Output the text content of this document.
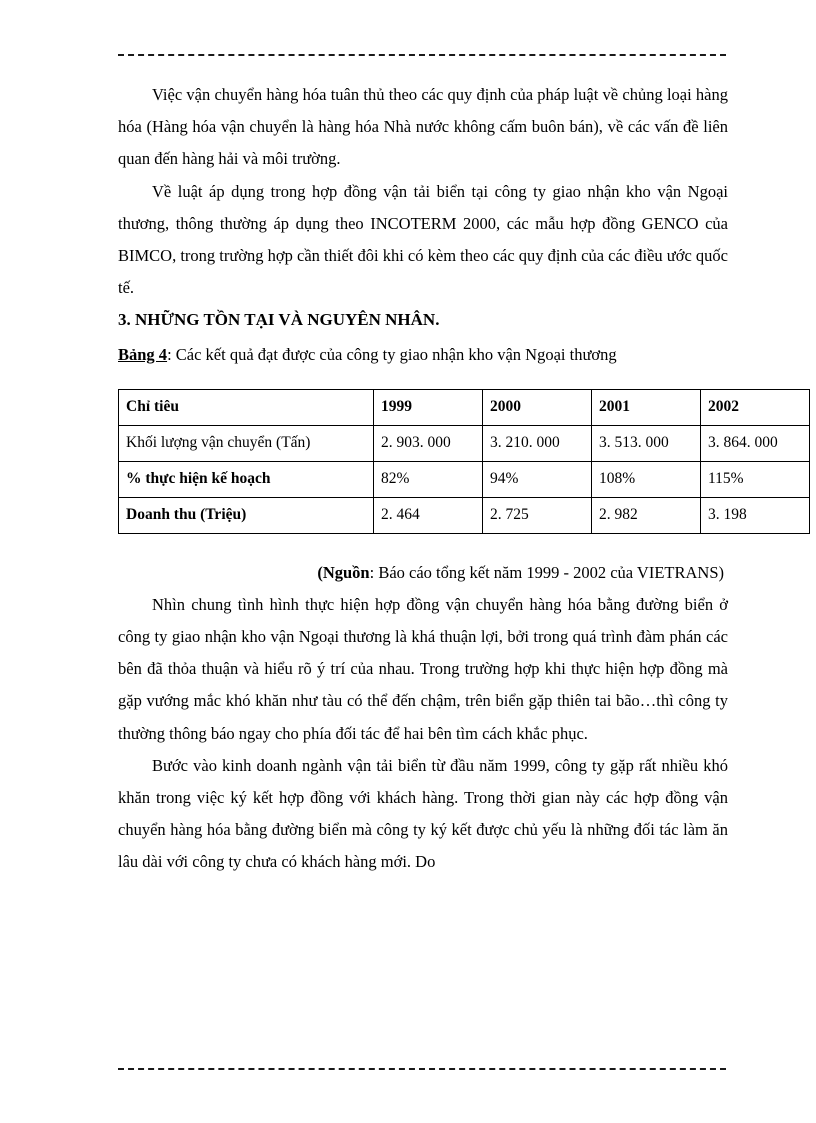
Việc vận chuyển hàng hóa tuân thủ theo các quy định của pháp luật về chủng loại hàng hóa (Hàng hóa vận chuyển là hàng hóa Nhà nước không cấm buôn bán), về các vấn đề liên quan đến hàng hải và môi trường.

Về luật áp dụng trong hợp đồng vận tải biển tại công ty giao nhận kho vận Ngoại thương, thông thường áp dụng theo INCOTERM 2000, các mẫu hợp đồng GENCO của BIMCO, trong trường hợp cần thiết đôi khi có kèm theo các quy định của các điều ước quốc tế.

3. NHỮNG TỒN TẠI VÀ NGUYÊN NHÂN.

Bảng 4: Các kết quả đạt được của công ty giao nhận kho vận Ngoại thương

Chỉ tiêu	1999	2000	2001	2002
Khối lượng vận chuyển (Tấn)	2. 903. 000	3. 210. 000	3. 513. 000	3. 864. 000
% thực hiện kế hoạch	82%	94%	108%	115%
Doanh thu (Triệu)	2. 464	2. 725	2. 982	3. 198

(Nguồn: Báo cáo tổng kết năm 1999 - 2002 của VIETRANS)

Nhìn chung tình hình thực hiện hợp đồng vận chuyển hàng hóa bằng đường biển ở công ty giao nhận kho vận Ngoại thương là khá thuận lợi, bởi trong quá trình đàm phán các bên đã thỏa thuận và hiểu rõ ý trí của nhau. Trong trường hợp khi thực hiện hợp đồng mà gặp vướng mắc khó khăn như tàu có thể đến chậm, trên biển gặp thiên tai bão…thì công ty thường thông báo ngay cho phía đối tác để hai bên tìm cách khắc phục.

Bước vào kinh doanh ngành vận tải biển từ đầu năm 1999, công ty gặp rất nhiều khó khăn trong việc ký kết hợp đồng với khách hàng. Trong thời gian này các hợp đồng vận chuyển hàng hóa bằng đường biển mà công ty ký kết được chủ yếu là những đối tác làm ăn lâu dài với công ty chưa có khách hàng mới. Do
